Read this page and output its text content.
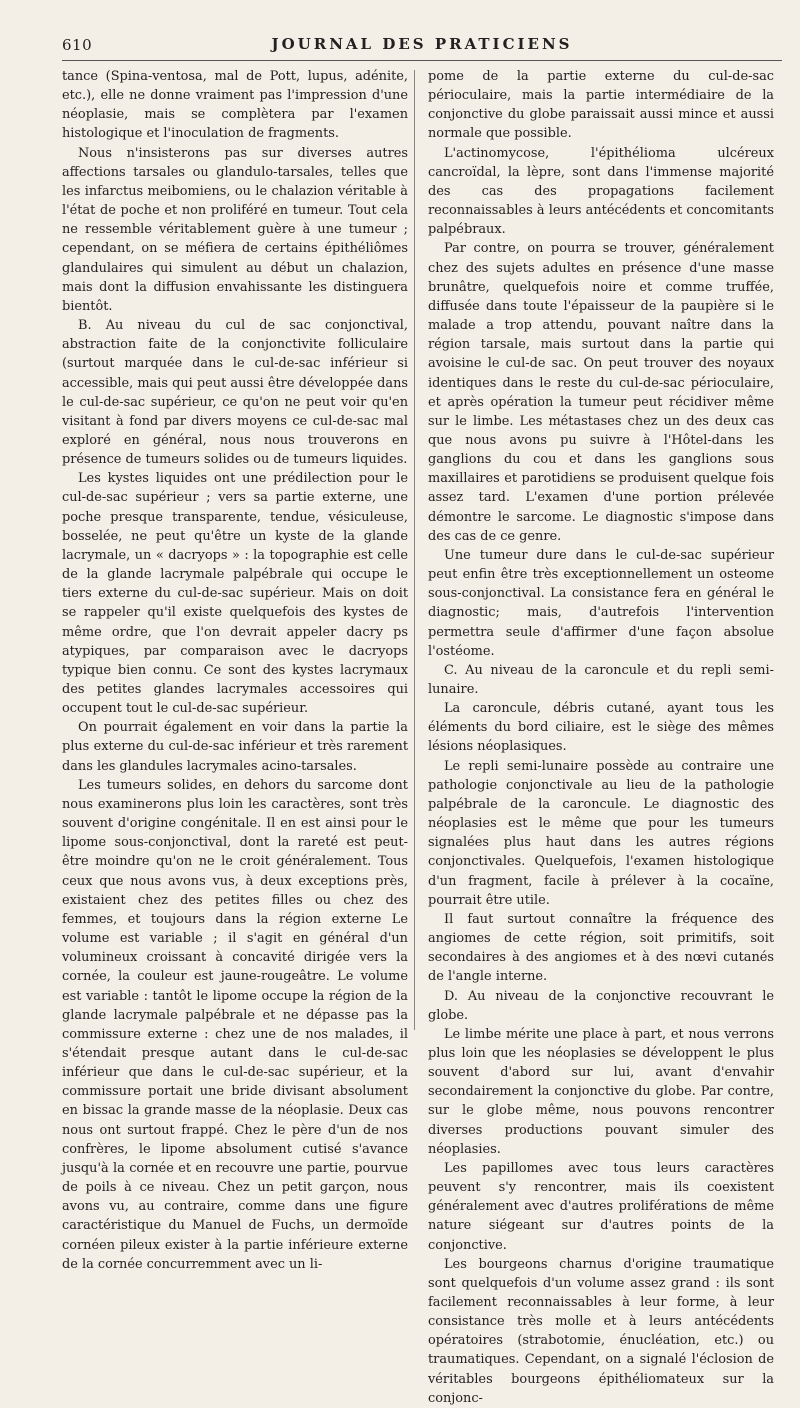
610	JOURNAL DES PRATICIENS

tance (Spina-ventosa, mal de Pott, lupus, adénite, etc.), elle ne donne vraiment pas l'impression d'une néoplasie, mais se complètera par l'examen histologique et l'inoculation de fragments.

Nous n'insisterons pas sur diverses autres affections tarsales ou glandulo-tarsales, telles que les infarctus meibomiens, ou le chalazion véritable à l'état de poche et non proliféré en tumeur. Tout cela ne ressemble véritablement guère à une tumeur ; cependant, on se méfiera de certains épithéliômes glandulaires qui simulent au début un chalazion, mais dont la diffusion envahissante les distinguera bientôt.

B. Au niveau du cul de sac conjonctival, abstraction faite de la conjonctivite folliculaire (surtout marquée dans le cul-de-sac inférieur si accessible, mais qui peut aussi être développée dans le cul-de-sac supérieur, ce qu'on ne peut voir qu'en visitant à fond par divers moyens ce cul-de-sac mal exploré en général, nous nous trouverons en présence de tumeurs solides ou de tumeurs liquides.

Les kystes liquides ont une prédilection pour le cul-de-sac supérieur ; vers sa partie externe, une poche presque transparente, tendue, vésiculeuse, bosselée, ne peut qu'être un kyste de la glande lacrymale, un « dacryops » : la topographie est celle de la glande lacrymale palpébrale qui occupe le tiers externe du cul-de-sac supérieur. Mais on doit se rappeler qu'il existe quelquefois des kystes de même ordre, que l'on devrait appeler dacry ps atypiques, par comparaison avec le dacryops typique bien connu. Ce sont des kystes lacrymaux des petites glandes lacrymales accessoires qui occupent tout le cul-de-sac supérieur.

On pourrait également en voir dans la partie la plus externe du cul-de-sac inférieur et très rarement dans les glandules lacrymales acino-tarsales.

Les tumeurs solides, en dehors du sarcome dont nous examinerons plus loin les caractères, sont très souvent d'origine congénitale. Il en est ainsi pour le lipome sous-conjonctival, dont la rareté est peut-être moindre qu'on ne le croit généralement. Tous ceux que nous avons vus, à deux exceptions près, existaient chez des petites filles ou chez des femmes, et toujours dans la région externe Le volume est variable ; il s'agit en général d'un volumineux croissant à concavité dirigée vers la cornée, la couleur est jaune-rougeâtre. Le volume est variable : tantôt le lipome occupe la région de la glande lacrymale palpébrale et ne dépasse pas la commissure externe : chez une de nos malades, il s'étendait presque autant dans le cul-de-sac inférieur que dans le cul-de-sac supérieur, et la commissure portait une bride divisant absolument en bissac la grande masse de la néoplasie. Deux cas nous ont surtout frappé. Chez le père d'un de nos confrères, le lipome absolument cutisé s'avance jusqu'à la cornée et en recouvre une partie, pourvue de poils à ce niveau. Chez un petit garçon, nous avons vu, au contraire, comme dans une figure caractéristique du Manuel de Fuchs, un dermoïde cornéen pileux exister à la partie inférieure externe de la cornée concurremment avec un li-

pome de la partie externe du cul-de-sac périoculaire, mais la partie intermédiaire de la conjonctive du globe paraissait aussi mince et aussi normale que possible.

L'actinomycose, l'épithélioma ulcéreux cancroïdal, la lèpre, sont dans l'immense majorité des cas des propagations facilement reconnaissables à leurs antécédents et concomitants palpébraux.

Par contre, on pourra se trouver, généralement chez des sujets adultes en présence d'une masse brunâtre, quelquefois noire et comme truffée, diffusée dans toute l'épaisseur de la paupière si le malade a trop attendu, pouvant naître dans la région tarsale, mais surtout dans la partie qui avoisine le cul-de sac. On peut trouver des noyaux identiques dans le reste du cul-de-sac périoculaire, et après opération la tumeur peut récidiver même sur le limbe. Les métastases chez un des deux cas que nous avons pu suivre à l'Hôtel-dans les ganglions du cou et dans les ganglions sous maxillaires et parotidiens se produisent quelque fois assez tard. L'examen d'une portion prélevée démontre le sarcome. Le diagnostic s'impose dans des cas de ce genre.

Une tumeur dure dans le cul-de-sac supérieur peut enfin être très exceptionnellement un osteome sous-conjonctival. La consistance fera en général le diagnostic; mais, d'autrefois l'intervention permettra seule d'affirmer d'une façon absolue l'ostéome.

C. Au niveau de la caroncule et du repli semi-lunaire.

La caroncule, débris cutané, ayant tous les éléments du bord ciliaire, est le siège des mêmes lésions néoplasiques.

Le repli semi-lunaire possède au contraire une pathologie conjonctivale au lieu de la pathologie palpébrale de la caroncule. Le diagnostic des néoplasies est le même que pour les tumeurs signalées plus haut dans les autres régions conjonctivales. Quelquefois, l'examen histologique d'un fragment, facile à prélever à la cocaïne, pourrait être utile.

Il faut surtout connaître la fréquence des angiomes de cette région, soit primitifs, soit secondaires à des angiomes et à des nœvi cutanés de l'angle interne.

D. Au niveau de la conjonctive recouvrant le globe.

Le limbe mérite une place à part, et nous verrons plus loin que les néoplasies se développent le plus souvent d'abord sur lui, avant d'envahir secondairement la conjonctive du globe. Par contre, sur le globe même, nous pouvons rencontrer diverses productions pouvant simuler des néoplasies.

Les papillomes avec tous leurs caractères peuvent s'y rencontrer, mais ils coexistent généralement avec d'autres proliférations de même nature siégeant sur d'autres points de la conjonctive.

Les bourgeons charnus d'origine traumatique sont quelquefois d'un volume assez grand : ils sont facilement reconnaissables à leur forme, à leur consistance très molle et à leurs antécédents opératoires (strabotomie, énucléation, etc.) ou traumatiques. Cependant, on a signalé l'éclosion de véritables bourgeons épithéliomateux sur la conjonc-
